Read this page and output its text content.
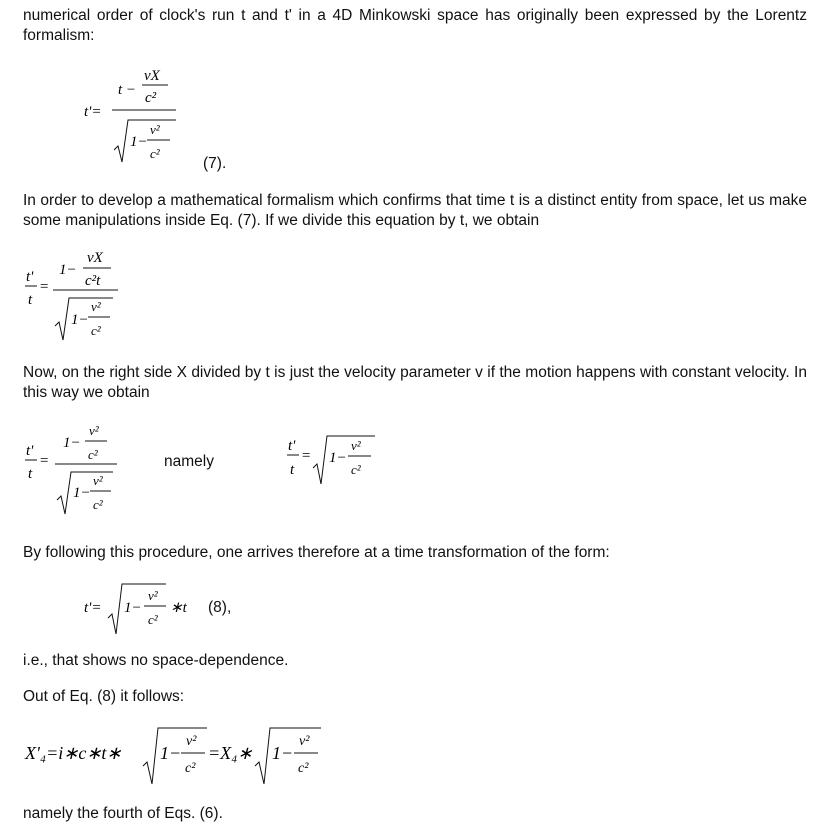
numerical order of clock's run t and t' in a 4D Minkowski space has originally been expressed by the Lorentz formalism:
t'=
t −
vX
c²
1−
v²
c²
(7).
In order to develop a mathematical formalism which confirms that time t is a distinct entity from space, let us make some manipulations inside Eq. (7). If we divide this equation by t, we obtain
t'
t
=
1−
vX
c²t
1−
v²
c²
Now, on the right side X divided by t is just the velocity parameter v if the motion happens with constant velocity. In this way we obtain
t'
t
=
1−
v²
c²
1−
v²
c²
namely
t'
t
= 1−
v²
c²
By following this procedure, one arrives therefore at a time transformation of the form:
t'= 1−
v²
c²
∗t (8),
i.e., that shows no space-dependence.
Out of Eq. (8) it follows:
X'₄=i∗c∗t∗ 1−
v²
c²
=X₄∗ 1−
v²
c²
namely the fourth of Eqs. (6).
